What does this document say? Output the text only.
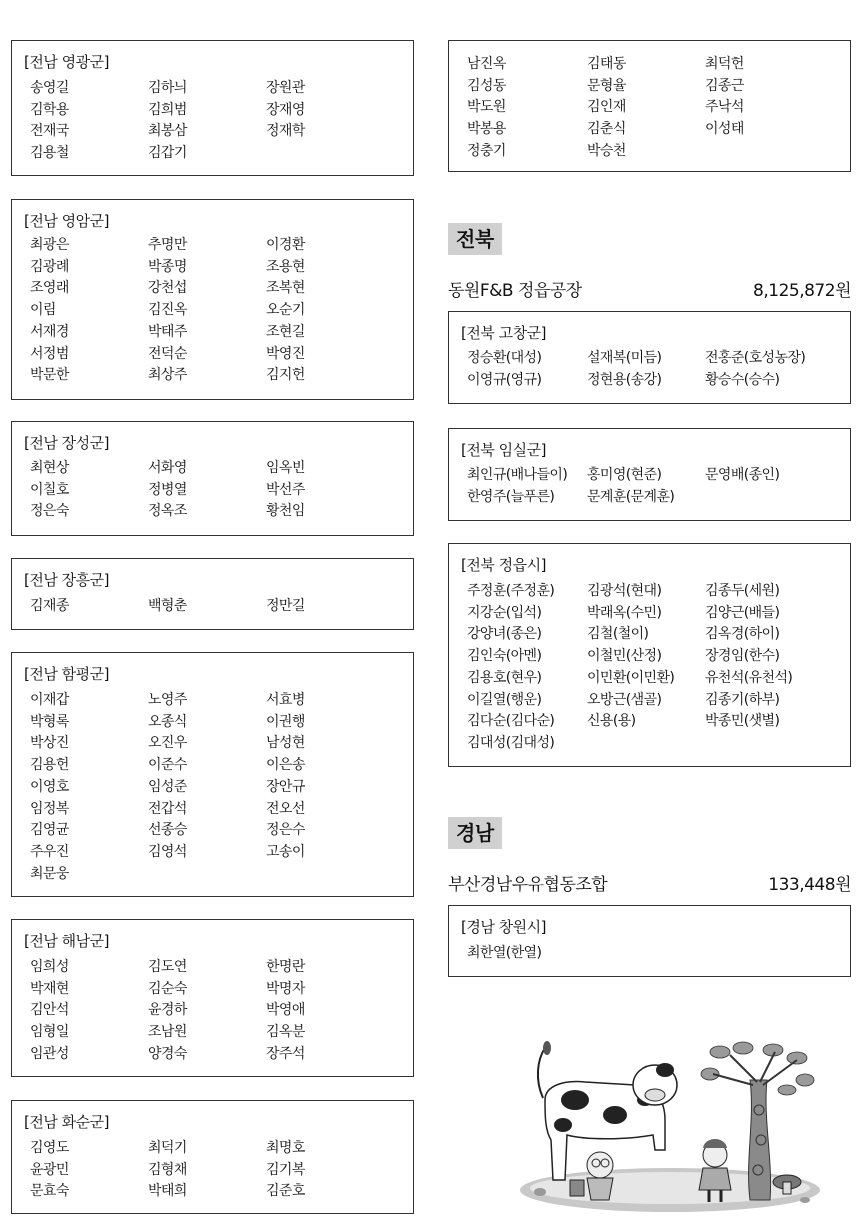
[전남 영광군]
송영길	김하늬	장원관
김학용	김희범	장재영
전재국	최봉삼	정재학
김용철	김갑기
[전남 영암군]
최광은	추명만	이경환
김광례	박종명	조용현
조영래	강천섭	조복현
이림	김진옥	오순기
서재경	박태주	조현길
서정범	전덕순	박영진
박문한	최상주	김지헌
[전남 장성군]
최현상	서화영	임옥빈
이칠호	정병열	박선주
정은숙	정옥조	황천임
[전남 장흥군]
김재종	백형춘	정만길
[전남 함평군]
이재갑	노영주	서효병
박형록	오종식	이권행
박상진	오진우	남성현
김용헌	이준수	이은송
이영호	임성준	장안규
임정복	전갑석	전오선
김영균	선종승	정은수
주우진	김영석	고송이
최문웅
[전남 해남군]
임희성	김도연	한명란
박재현	김순숙	박명자
김안석	윤경하	박영애
임형일	조남원	김옥분
임관성	양경숙	장주석
[전남 화순군]
김영도	최덕기	최명호
윤광민	김형채	김기복
문효숙	박태희	김준호
남진옥	김태동	최덕헌
김성동	문형율	김종근
박도원	김인재	주낙석
박봉용	김춘식	이성태
정충기	박승천
전북
동원F&B 정읍공장	8,125,872원
[전북 고창군]
정승환(대성)	설재복(미듬)	전홍준(호성농장)
이영규(영규)	정현용(송강)	황승수(승수)
[전북 임실군]
최인규(배나들이)	홍미영(현준)	문영배(종인)
한영주(늘푸른)	문계훈(문계훈)
[전북 정읍시]
주정훈(주정훈)	김광석(현대)	김종두(세원)
지강순(입석)	박래옥(수민)	김양근(배들)
강양녀(종은)	김철(철이)	김옥경(하이)
김인숙(아멘)	이철민(산정)	장경임(한수)
김용호(현우)	이민환(이민환)	유천석(유천석)
이길열(행운)	오방근(샘골)	김종기(하부)
김다순(김다순)	신용(용)	박종민(샛별)
김대성(김대성)
경남
부산경남우유협동조합	133,448원
[경남 창원시]
최한열(한열)
